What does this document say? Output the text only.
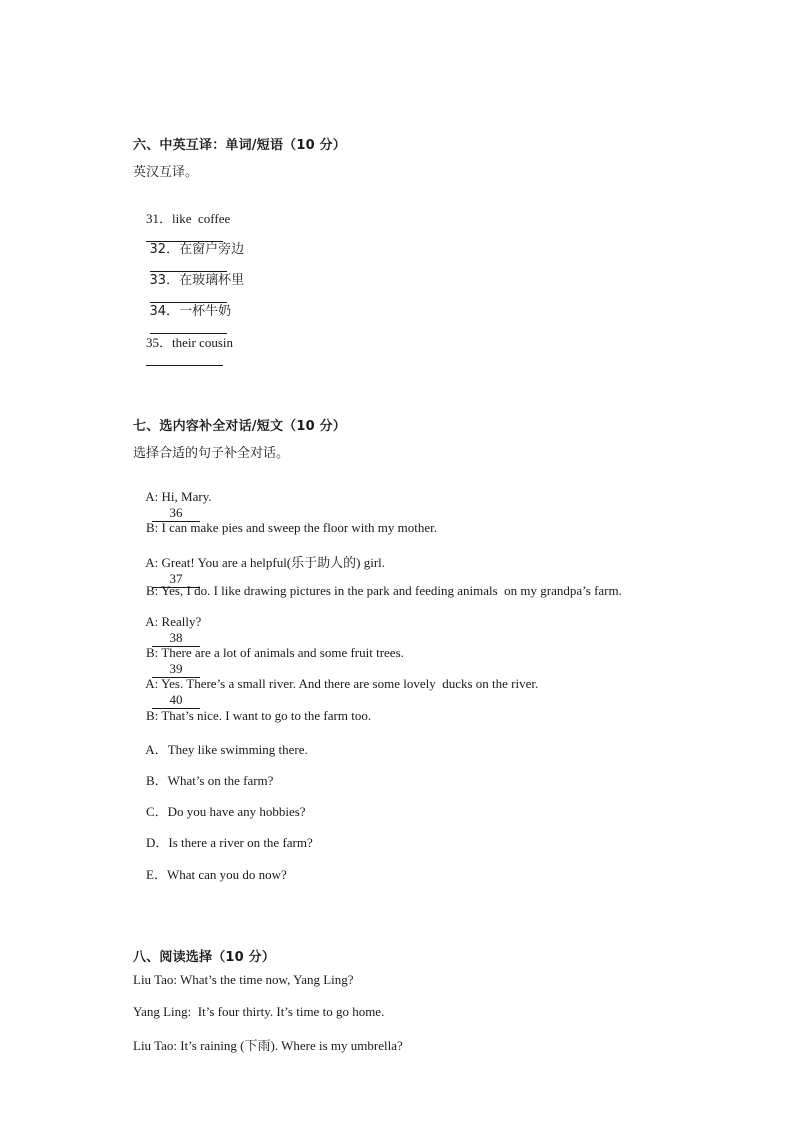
六、中英互译：单词/短语（10 分）
英汉互译。

31．like  coffee

32．在窗户旁边

33．在玻璃杯里

34．一杯牛奶

35．their cousin

七、选内容补全对话/短文（10 分）
选择合适的句子补全对话。

A: Hi, Mary.
36

B: I can make pies and sweep the floor with my mother.

A: Great! You are a helpful(乐于助人的) girl.
37

B: Yes, I do. I like drawing pictures in the park and feeding animals  on my grandpa’s farm.

A: Really?
38

B: There are a lot of animals and some fruit trees.
39

A: Yes. There’s a small river. And there are some lovely  ducks on the river.
40

B: That’s nice. I want to go to the farm too.

A．They like swimming there.

B．What’s on the farm?

C．Do you have any hobbies?

D．Is there a river on the farm?

E．What can you do now?

八、阅读选择（10 分）
Liu Tao: What’s the time now, Yang Ling?
Yang Ling:  It’s four thirty. It’s time to go home.
Liu Tao: It’s raining (下雨). Where is my umbrella?
